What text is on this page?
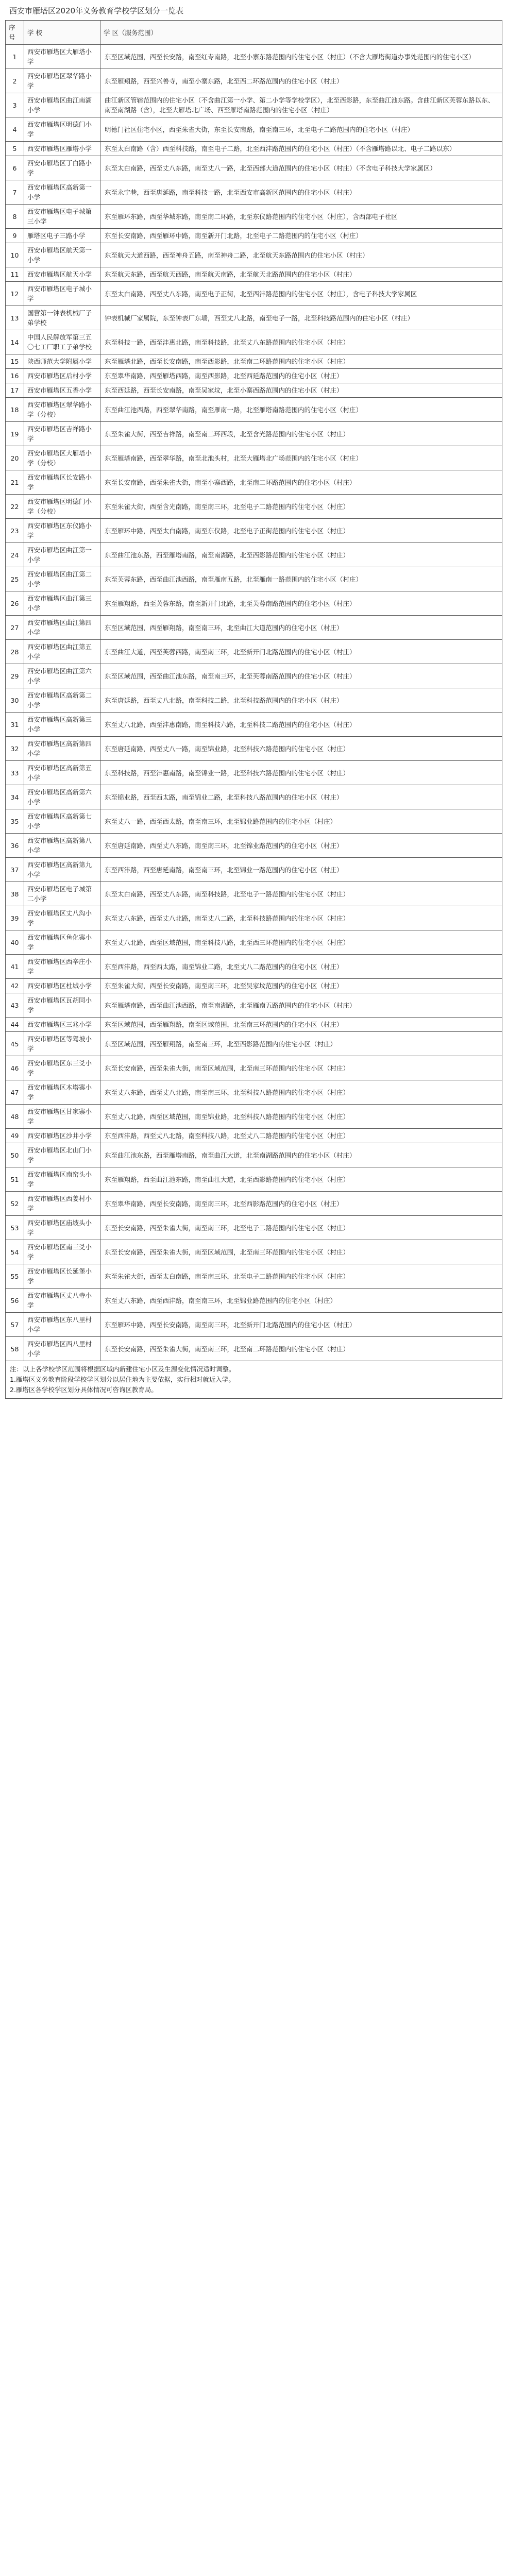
西安市雁塔区2020年义务教育学校学区划分一览表
序号	学 校	学 区（服务范围）
1	西安市雁塔区大雁塔小学	东至区域范围，西至长安路，南至红专南路，北至小寨东路范围内的住宅小区（村庄）（不含大雁塔街道办事处范围内的住宅小区）
2	西安市雁塔区翠华路小学	东至雁翔路，西至兴善寺，南至小寨东路，北至西二环路范围内的住宅小区（村庄）
3	西安市雁塔区曲江南湖小学	曲江新区管辖范围内的住宅小区（不含曲江第一小学、第二小学等学校学区），北至西影路，东至曲江池东路。含曲江新区芙蓉东路以东、南至南湖路（含），北至大雁塔北广场、西至雁塔南路范围内的住宅小区（村庄）
4	西安市雁塔区明德门小学	明德门社区住宅小区，西至朱雀大街，东至长安南路，南至南三环，北至电子二路范围内的住宅小区（村庄）
5	西安市雁塔区雁塔小学	东至太白南路（含）西至科技路，南至电子二路，北至西沣路范围内的住宅小区（村庄）（不含雁塔路以北、电子二路以东）
6	西安市雁塔区丁白路小学	东至太白南路，西至丈八东路，南至丈八一路，北至西部大道范围内的住宅小区（村庄）（不含电子科技大学家属区）
7	西安市雁塔区高新第一小学	东至永宁巷，西至唐延路，南至科技一路，北至西安市高新区范围内的住宅小区（村庄）
8	西安市雁塔区电子城第三小学	东至雁环东路，西至华城东路，南至南二环路，北至东仪路范围内的住宅小区（村庄），含西部电子社区
9	雁塔区电子三路小学	东至长安南路，西至雁环中路，南至新开门北路，北至电子二路范围内的住宅小区（村庄）
10	西安市雁塔区航天第一小学	东至航天大道西路，西至神舟五路，南至神舟二路，北至航天东路范围内的住宅小区（村庄）
11	西安市雁塔区航天小学	东至航天东路，西至航天西路，南至航天南路，北至航天北路范围内的住宅小区（村庄）
12	西安市雁塔区电子城小学	东至太白南路，西至丈八东路，南至电子正街，北至西沣路范围内的住宅小区（村庄），含电子科技大学家属区
13	国营第一钟表机械厂子弟学校	钟表机械厂家属院，东至钟表厂东墙，西至丈八北路，南至电子一路，北至科技路范围内的住宅小区（村庄）
14	中国人民解放军第三五〇七工厂职工子弟学校	东至科技一路，西至沣惠北路，南至科技路，北至丈八东路范围内的住宅小区（村庄）
15	陕西师范大学附属小学	东至雁塔北路，西至长安南路，南至西影路，北至南二环路范围内的住宅小区（村庄）
16	西安市雁塔区后村小学	东至翠华南路，西至雁塔西路，南至西影路，北至西延路范围内的住宅小区（村庄）
17	西安市雁塔区五香小学	东至西延路，西至长安南路，南至吴家坟，北至小寨西路范围内的住宅小区（村庄）
18	西安市雁塔区翠华路小学（分校）	东至曲江池西路，西至翠华南路，南至雁南一路，北至雁塔南路范围内的住宅小区（村庄）
19	西安市雁塔区吉祥路小学	东至朱雀大街，西至吉祥路，南至南二环西段，北至含光路范围内的住宅小区（村庄）
20	西安市雁塔区大雁塔小学（分校）	东至雁塔南路，西至翠华路，南至北池头村，北至大雁塔北广场范围内的住宅小区（村庄）
21	西安市雁塔区长安路小学	东至长安南路，西至朱雀大街，南至小寨西路，北至南二环路范围内的住宅小区（村庄）
22	西安市雁塔区明德门小学（分校）	东至朱雀大街，西至含光南路，南至南三环，北至电子二路范围内的住宅小区（村庄）
23	西安市雁塔区东仪路小学	东至雁环中路，西至太白南路，南至东仪路，北至电子正街范围内的住宅小区（村庄）
24	西安市雁塔区曲江第一小学	东至曲江池东路，西至雁塔南路，南至南湖路，北至西影路范围内的住宅小区（村庄）
25	西安市雁塔区曲江第二小学	东至芙蓉东路，西至曲江池西路，南至雁南五路，北至雁南一路范围内的住宅小区（村庄）
26	西安市雁塔区曲江第三小学	东至雁翔路，西至芙蓉东路，南至新开门北路，北至芙蓉南路范围内的住宅小区（村庄）
27	西安市雁塔区曲江第四小学	东至区域范围，西至雁翔路，南至南三环，北至曲江大道范围内的住宅小区（村庄）
28	西安市雁塔区曲江第五小学	东至曲江大道，西至芙蓉西路，南至南三环，北至新开门北路范围内的住宅小区（村庄）
29	西安市雁塔区曲江第六小学	东至区域范围，西至曲江池东路，南至南三环，北至芙蓉南路范围内的住宅小区（村庄）
30	西安市雁塔区高新第二小学	东至唐延路，西至丈八北路，南至科技二路，北至科技路范围内的住宅小区（村庄）
31	西安市雁塔区高新第三小学	东至丈八北路，西至沣惠南路，南至科技六路，北至科技二路范围内的住宅小区（村庄）
32	西安市雁塔区高新第四小学	东至唐延南路，西至丈八一路，南至锦业路，北至科技六路范围内的住宅小区（村庄）
33	西安市雁塔区高新第五小学	东至科技路，西至沣惠南路，南至锦业一路，北至科技六路范围内的住宅小区（村庄）
34	西安市雁塔区高新第六小学	东至锦业路，西至西太路，南至锦业二路，北至科技八路范围内的住宅小区（村庄）
35	西安市雁塔区高新第七小学	东至丈八一路，西至西太路，南至南三环，北至锦业路范围内的住宅小区（村庄）
36	西安市雁塔区高新第八小学	东至唐延南路，西至丈八东路，南至南三环，北至锦业路范围内的住宅小区（村庄）
37	西安市雁塔区高新第九小学	东至西沣路，西至唐延南路，南至南三环，北至锦业一路范围内的住宅小区（村庄）
38	西安市雁塔区电子城第二小学	东至太白南路，西至丈八东路，南至科技路，北至电子一路范围内的住宅小区（村庄）
39	西安市雁塔区丈八沟小学	东至丈八东路，西至丈八北路，南至丈八二路，北至科技路范围内的住宅小区（村庄）
40	西安市雁塔区鱼化寨小学	东至丈八北路，西至区域范围，南至科技八路，北至西三环范围内的住宅小区（村庄）
41	西安市雁塔区西辛庄小学	东至西沣路，西至西太路，南至锦业二路，北至丈八二路范围内的住宅小区（村庄）
42	西安市雁塔区杜城小学	东至朱雀大街，西至长安南路，南至南三环，北至吴家坟范围内的住宅小区（村庄）
43	西安市雁塔区瓦胡同小学	东至雁塔南路，西至曲江池西路，南至南湖路，北至雁南五路范围内的住宅小区（村庄）
44	西安市雁塔区三兆小学	东至区域范围，西至雁翔路，南至区域范围，北至南三环范围内的住宅小区（村庄）
45	西安市雁塔区等驾坡小学	东至区域范围，西至雁翔路，南至南三环，北至西影路范围内的住宅小区（村庄）
46	西安市雁塔区东三爻小学	东至长安南路，西至朱雀大街，南至区域范围，北至南三环范围内的住宅小区（村庄）
47	西安市雁塔区木塔寨小学	东至丈八东路，西至丈八北路，南至南三环，北至科技八路范围内的住宅小区（村庄）
48	西安市雁塔区甘家寨小学	东至丈八北路，西至区域范围，南至锦业路，北至科技八路范围内的住宅小区（村庄）
49	西安市雁塔区沙井小学	东至西沣路，西至丈八北路，南至科技八路，北至丈八二路范围内的住宅小区（村庄）
50	西安市雁塔区北山门小学	东至曲江池东路，西至雁塔南路，南至曲江大道，北至南湖路范围内的住宅小区（村庄）
51	西安市雁塔区南窑头小学	东至雁翔路，西至曲江池东路，南至曲江大道，北至西影路范围内的住宅小区（村庄）
52	西安市雁塔区西姜村小学	东至翠华南路，西至长安南路，南至南三环，北至西影路范围内的住宅小区（村庄）
53	西安市雁塔区庙坡头小学	东至长安南路，西至朱雀大街，南至南三环，北至电子二路范围内的住宅小区（村庄）
54	西安市雁塔区南三爻小学	东至长安南路，西至朱雀大街，南至区域范围，北至南三环范围内的住宅小区（村庄）
55	西安市雁塔区长延堡小学	东至朱雀大街，西至太白南路，南至南三环，北至电子二路范围内的住宅小区（村庄）
56	西安市雁塔区丈八寺小学	东至丈八东路，西至西沣路，南至南三环，北至锦业路范围内的住宅小区（村庄）
57	西安市雁塔区东八里村小学	东至雁环中路，西至长安南路，南至南三环，北至新开门北路范围内的住宅小区（村庄）
58	西安市雁塔区西八里村小学	东至长安南路，西至朱雀大街，南至南三环，北至南二环路范围内的住宅小区（村庄）

注：以上各学校学区范围将根据区域内新建住宅小区及生源变化情况适时调整。
1.雁塔区义务教育阶段学校学区划分以居住地为主要依据，实行相对就近入学。
2.雁塔区各学校学区划分具体情况可咨询区教育局。		
